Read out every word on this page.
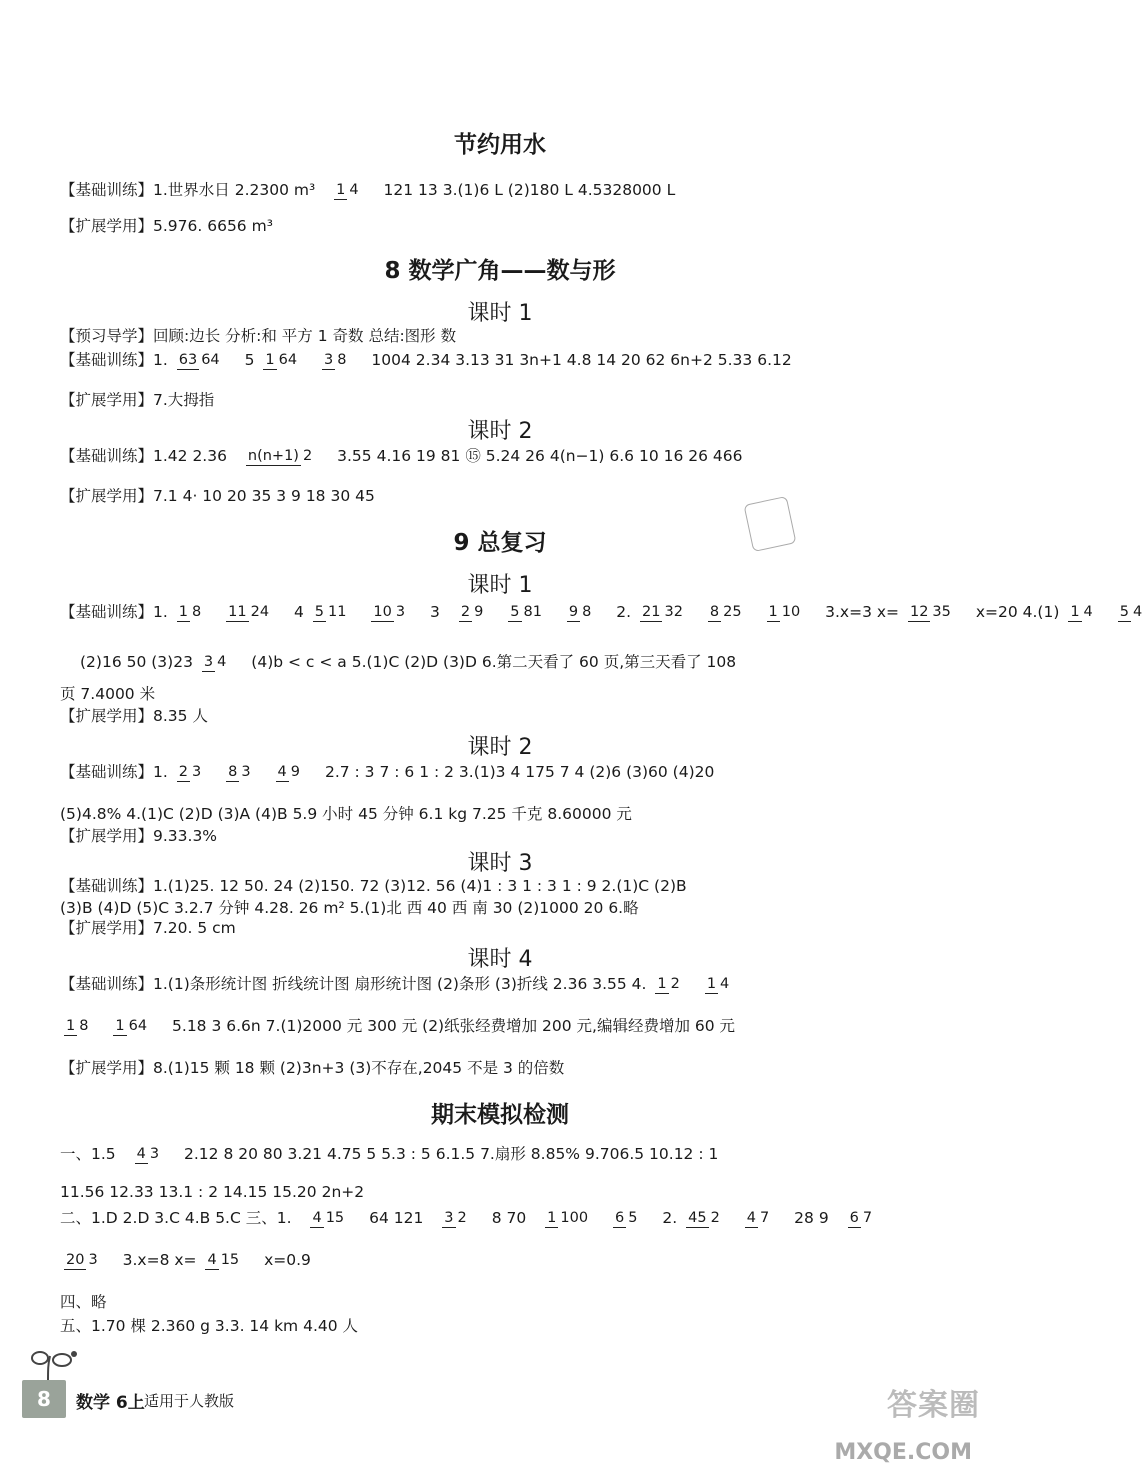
节约用水
【基础训练】1.世界水日 2.2300 m³ 1 4 121 13 3.(1)6 L (2)180 L 4.5328000 L
【扩展学用】5.976. 6656 m³
8 数学广角——数与形
课时 1
【预习导学】回顾:边长 分析:和 平方 1 奇数 总结:图形 数
【基础训练】1. 63 64 5 1 64 3 8 1004 2.34 3.13 31 3n+1 4.8 14 20 62 6n+2 5.33 6.12
【扩展学用】7.大拇指
课时 2
【基础训练】1.42 2.36 n(n+1) 2 3.55 4.16 19 81 ⑮ 5.24 26 4(n−1) 6.6 10 16 26 466
【扩展学用】7.1 4· 10 20 35 3 9 18 30 45
9 总复习
课时 1
【基础训练】1. 1 8 11 24 4 5 11 10 3 3 2 9 5 81 9 8 2. 21 32 8 25 1 10 3.x=3 x= 12 35 x=20 4.(1) 1 4 5 4
(2)16 50 (3)23 3 4 (4)b < c < a 5.(1)C (2)D (3)D 6.第二天看了 60 页,第三天看了 108
页 7.4000 米
【扩展学用】8.35 人
课时 2
【基础训练】1. 2 3 8 3 4 9 2.7 : 3 7 : 6 1 : 2 3.(1)3 4 175 7 4 (2)6 (3)60 (4)20
(5)4.8% 4.(1)C (2)D (3)A (4)B 5.9 小时 45 分钟 6.1 kg 7.25 千克 8.60000 元
【扩展学用】9.33.3%
课时 3
【基础训练】1.(1)25. 12 50. 24 (2)150. 72 (3)12. 56 (4)1 : 3 1 : 3 1 : 9 2.(1)C (2)B
(3)B (4)D (5)C 3.2.7 分钟 4.28. 26 m² 5.(1)北 西 40 西 南 30 (2)1000 20 6.略
【扩展学用】7.20. 5 cm
课时 4
【基础训练】1.(1)条形统计图 折线统计图 扇形统计图 (2)条形 (3)折线 2.36 3.55 4. 1 2 1 4
1 8 1 64 5.18 3 6.6n 7.(1)2000 元 300 元 (2)纸张经费增加 200 元,编辑经费增加 60 元
【扩展学用】8.(1)15 颗 18 颗 (2)3n+3 (3)不存在,2045 不是 3 的倍数
期末模拟检测
一、1.5 4 3 2.12 8 20 80 3.21 4.75 5 5.3 : 5 6.1.5 7.扇形 8.85% 9.706.5 10.12 : 1
11.56 12.33 13.1 : 2 14.15 15.20 2n+2
二、1.D 2.D 3.C 4.B 5.C 三、1. 4 15 64 121 3 2 8 70 1 100 6 5 2. 45 2 4 7 28 9 6 7
20 3 3.x=8 x= 4 15 x=0.9
四、略
五、1.70 棵 2.360 g 3.3. 14 km 4.40 人
8	数学 6上 适用于人教版	答案圈
MXQE.COM
